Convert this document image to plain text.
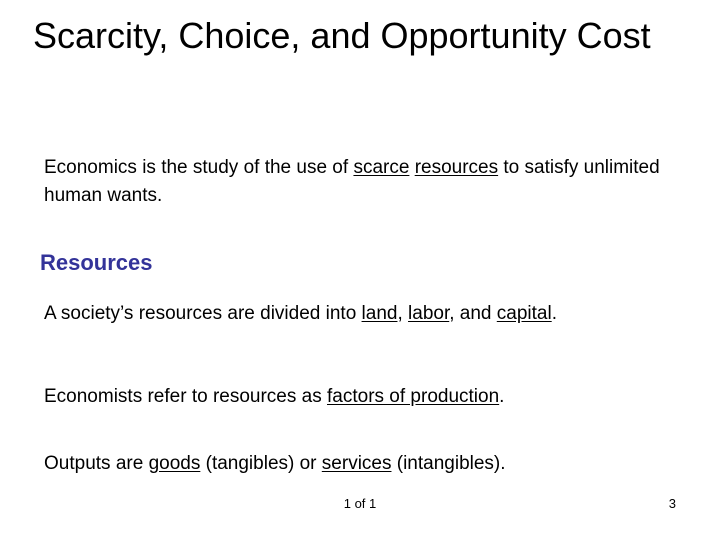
Scarcity, Choice, and Opportunity Cost

Economics is the study of the use of scarce resources to satisfy unlimited human wants.

Resources

A society’s resources are divided into land, labor, and capital.

Economists refer to resources as factors of production.

Outputs are goods (tangibles) or services (intangibles).

1 of 1	3
